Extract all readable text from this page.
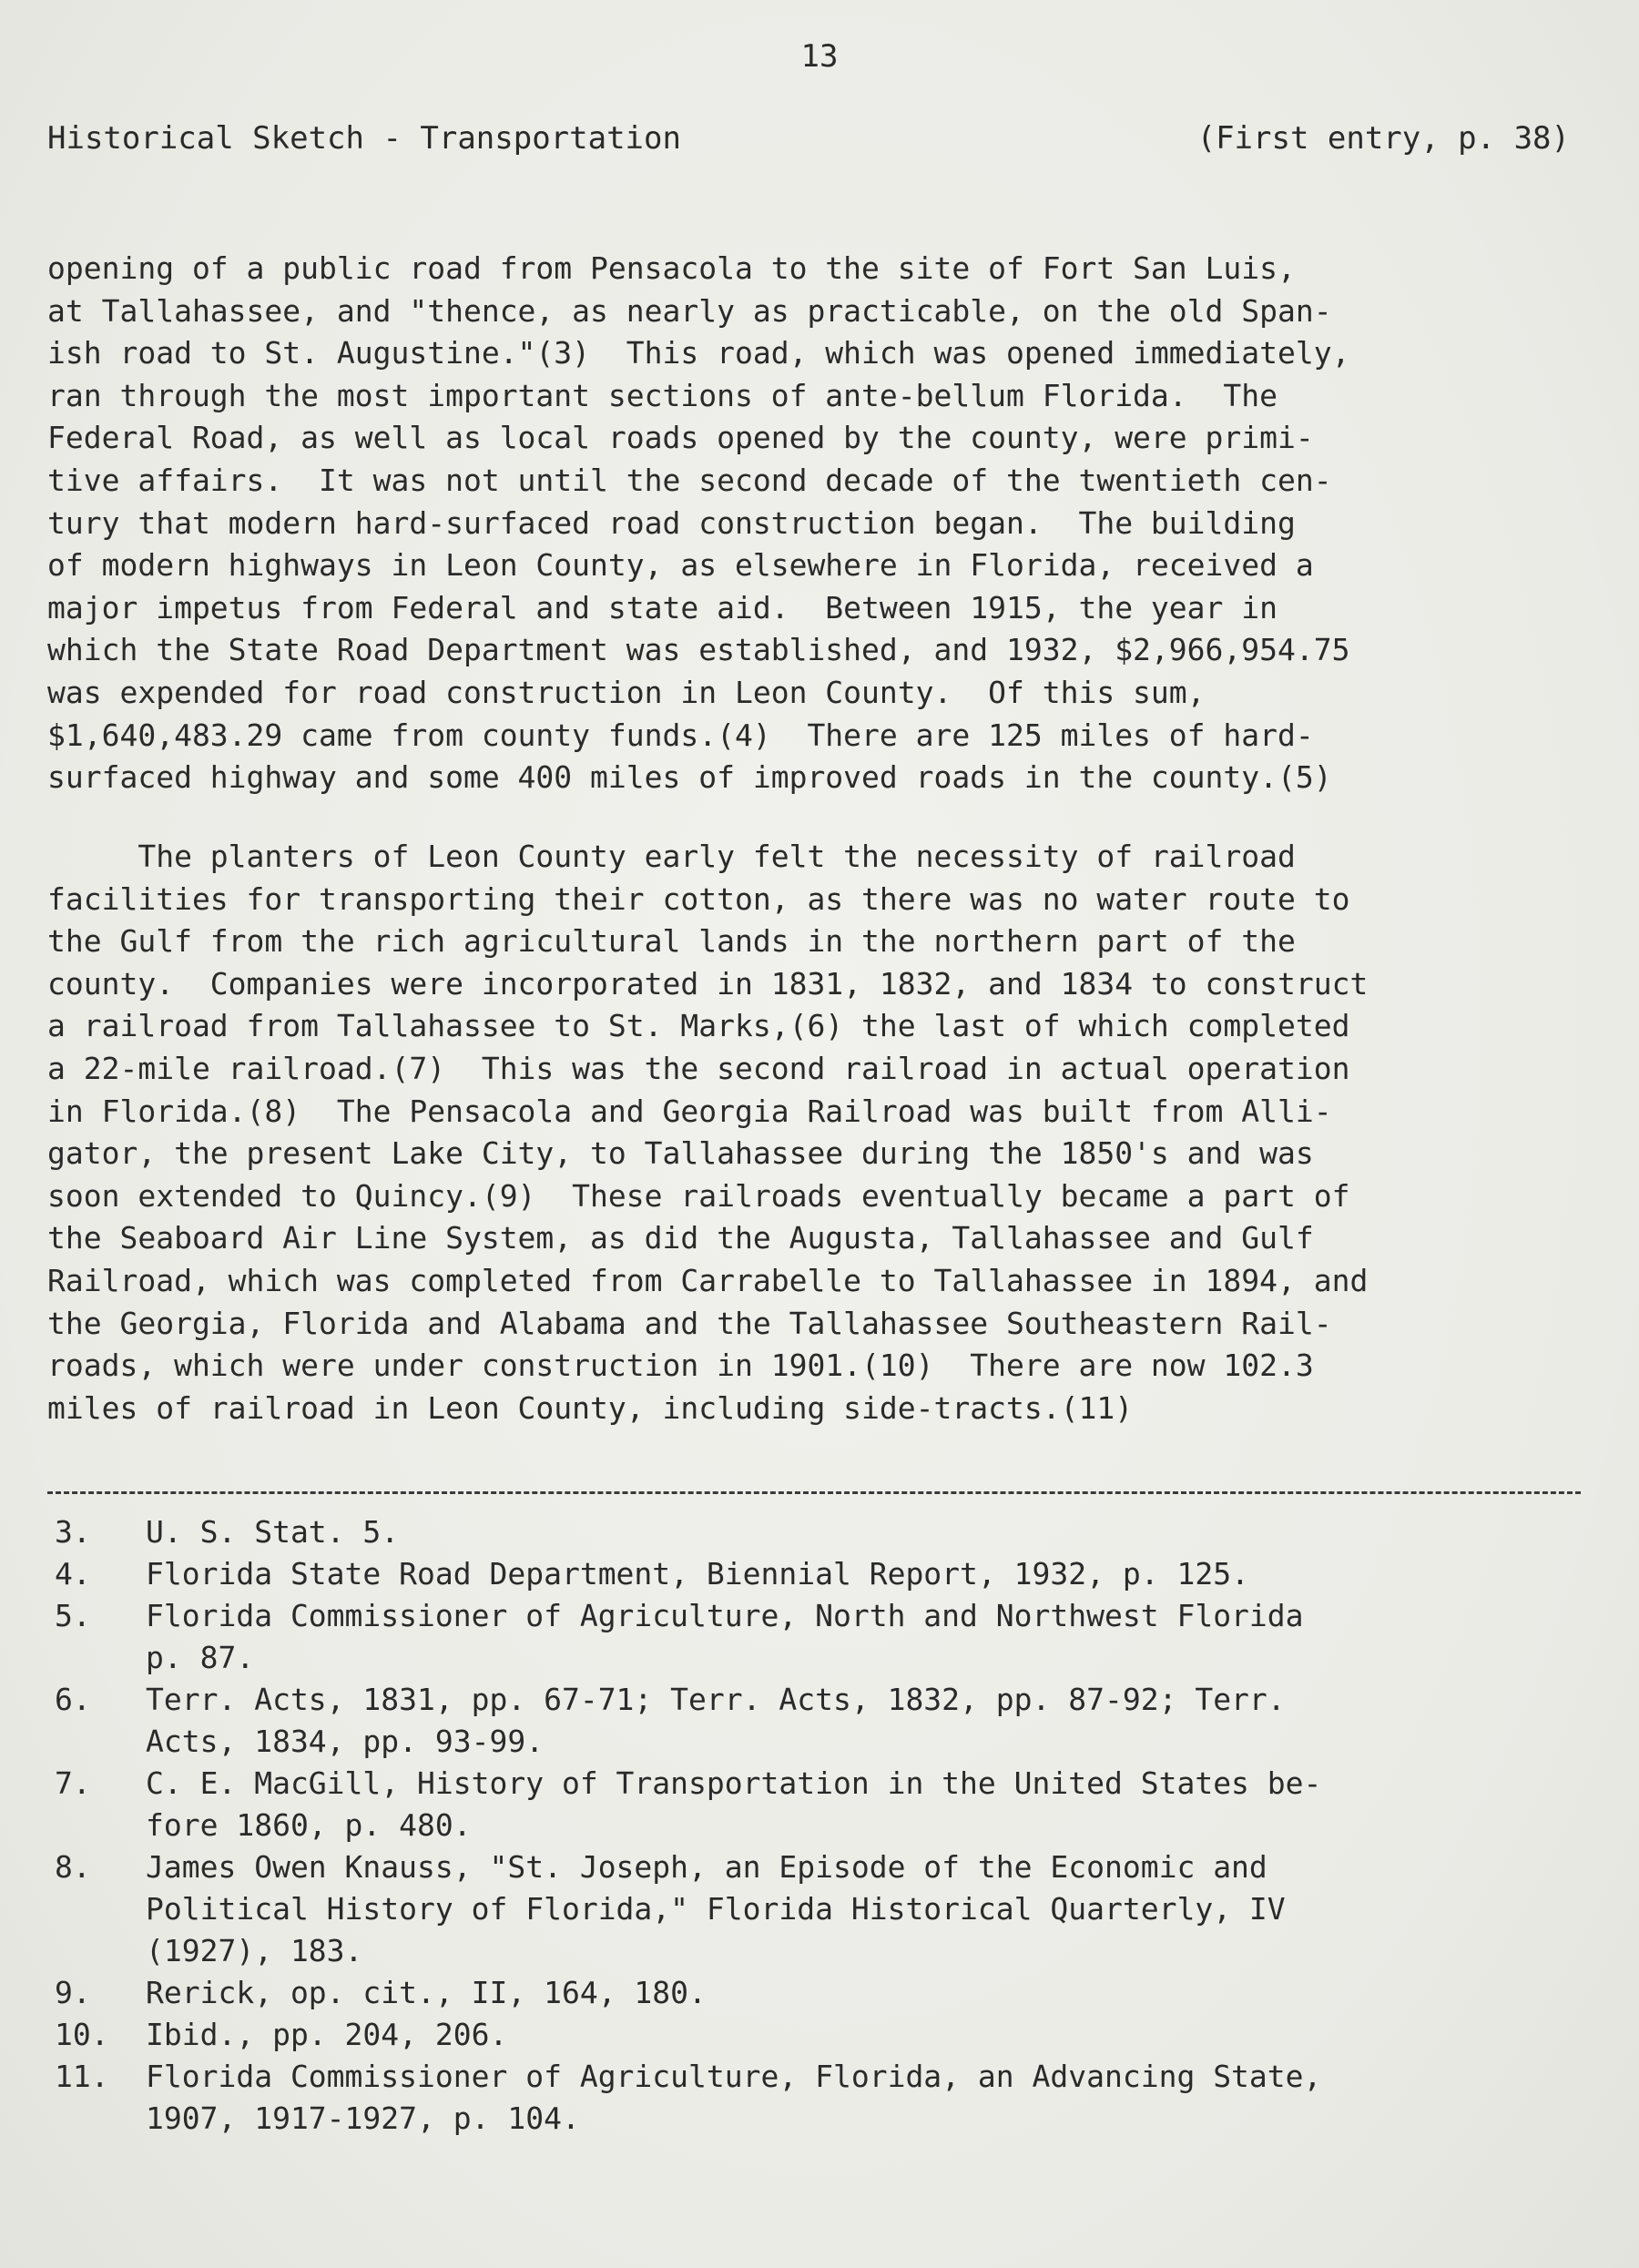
13
Historical Sketch - Transportation	(First entry, p. 38)
opening of a public road from Pensacola to the site of Fort San Luis,
at Tallahassee, and "thence, as nearly as practicable, on the old Span-
ish road to St. Augustine."(3)  This road, which was opened immediately,
ran through the most important sections of ante-bellum Florida.  The
Federal Road, as well as local roads opened by the county, were primi-
tive affairs.  It was not until the second decade of the twentieth cen-
tury that modern hard-surfaced road construction began.  The building
of modern highways in Leon County, as elsewhere in Florida, received a
major impetus from Federal and state aid.  Between 1915, the year in
which the State Road Department was established, and 1932, $2,966,954.75
was expended for road construction in Leon County.  Of this sum,
$1,640,483.29 came from county funds.(4)  There are 125 miles of hard-
surfaced highway and some 400 miles of improved roads in the county.(5)
The planters of Leon County early felt the necessity of railroad
facilities for transporting their cotton, as there was no water route to
the Gulf from the rich agricultural lands in the northern part of the
county.  Companies were incorporated in 1831, 1832, and 1834 to construct
a railroad from Tallahassee to St. Marks,(6) the last of which completed
a 22-mile railroad.(7)  This was the second railroad in actual operation
in Florida.(8)  The Pensacola and Georgia Railroad was built from Alli-
gator, the present Lake City, to Tallahassee during the 1850's and was
soon extended to Quincy.(9)  These railroads eventually became a part of
the Seaboard Air Line System, as did the Augusta, Tallahassee and Gulf
Railroad, which was completed from Carrabelle to Tallahassee in 1894, and
the Georgia, Florida and Alabama and the Tallahassee Southeastern Rail-
roads, which were under construction in 1901.(10)  There are now 102.3
miles of railroad in Leon County, including side-tracts.(11)
3.	U. S. Stat. 5.
4.	Florida State Road Department, Biennial Report, 1932, p. 125.
5.	Florida Commissioner of Agriculture, North and Northwest Florida
p. 87.
6.	Terr. Acts, 1831, pp. 67-71; Terr. Acts, 1832, pp. 87-92; Terr.
Acts, 1834, pp. 93-99.
7.	C. E. MacGill, History of Transportation in the United States be-
fore 1860, p. 480.
8.	James Owen Knauss, "St. Joseph, an Episode of the Economic and
Political History of Florida," Florida Historical Quarterly, IV
(1927), 183.
9.	Rerick, op. cit., II, 164, 180.
10.	Ibid., pp. 204, 206.
11.	Florida Commissioner of Agriculture, Florida, an Advancing State,
1907, 1917-1927, p. 104.
